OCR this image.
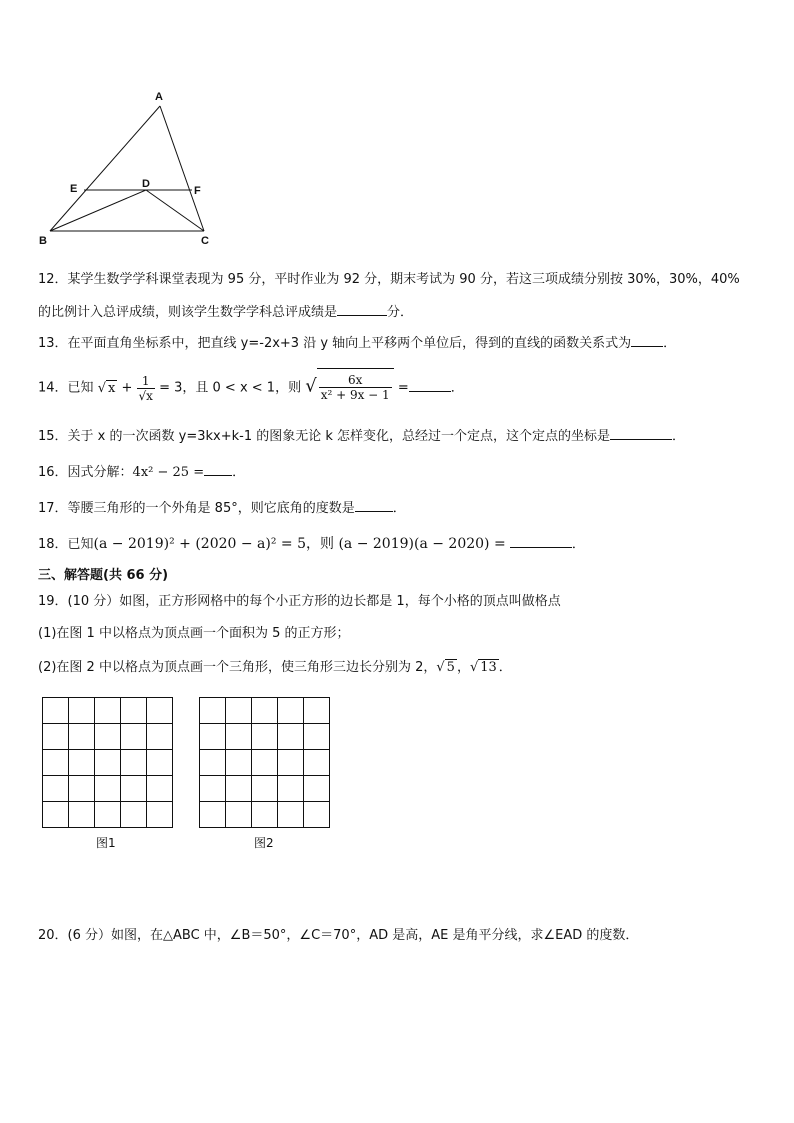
A
E	D
F
B	C
12．某学生数学学科课堂表现为 95 分，平时作业为 92 分，期末考试为 90 分，若这三项成绩分别按 30%，30%，40%
的比例计入总评成绩，则该学生数学学科总评成绩是	分．
13．在平面直角坐标系中，把直线 y=-2x+3 沿 y 轴向上平移两个单位后，得到的直线的函数关系式为 ．
14．已知 √ $x + \frac{1}{√x} = 3$，且 0 < x < 1，则 √ $\frac{6x}{\text{x² + 9x − 1}}$ =	．
15．关于 x 的一次函数 y=3kx+k-1 的图象无论 k 怎样变化，总经过一个定点，这个定点的坐标是	．
16．因式分解：4x² − 25 = ．
17．等腰三角形的一个外角是 85°，则它底角的度数是	．
18．已知(a − 2019)² + (2020 − a)² = 5，则 (a − 2019)(a − 2020) =	．
三、解答题(共 66 分)
19．(10 分）如图，正方形网格中的每个小正方形的边长都是 1，每个小格的顶点叫做格点
(1)在图 1 中以格点为顶点画一个面积为 5 的正方形；
(2)在图 2 中以格点为顶点画一个三角形，使三角形三边长分别为 2，√ 5 ，√ 13 ．
图1	图2
20．(6 分）如图，在△ABC 中，∠B＝50°，∠C＝70°，AD 是高，AE 是角平分线，求∠EAD 的度数．
